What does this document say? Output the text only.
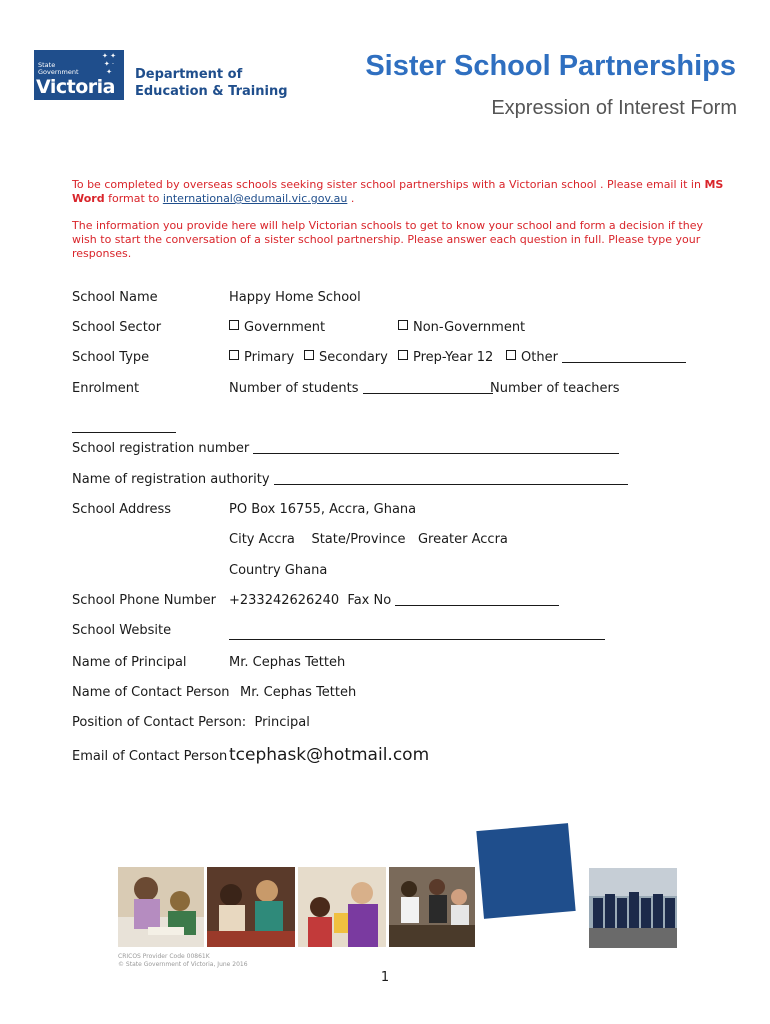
State Government
✦ ✦
✦ ·
✦
Victoria
Department of
Education & Training
Sister School Partnerships
Expression of Interest Form
To be completed by overseas schools seeking sister school partnerships with a Victorian school . Please email it in MS Word format to international@edumail.vic.gov.au .
The information you provide here will help Victorian schools to get to know your school and form a decision if they wish to start the conversation of a sister school partnership. Please answer each question in full. Please type your responses.
School Name	Happy Home School
School Sector	Government	Non-Government
School Type	Primary	Secondary	Prep-Year 12	Other
Enrolment	Number of students	Number of teachers
School registration number
Name of registration authority
School Address	PO Box 16755, Accra, Ghana
City Accra State/Province Greater Accra
Country Ghana
School Phone Number +233242626240 Fax No
School Website
Name of Principal	Mr. Cephas Tetteh
Name of Contact Person Mr. Cephas Tetteh
Position of Contact Person: Principal
Email of Contact Person tcephask@hotmail.com
CRICOS Provider Code 00861K
© State Government of Victoria, June 2016
1
